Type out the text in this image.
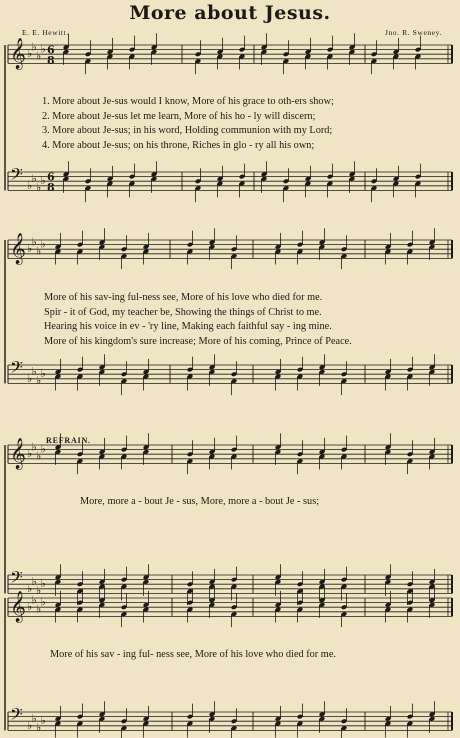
More about Jesus.
E. E. Hewitt.	Jno. R. Sweney.
𝄞 ♭
♭
♭
♭ 6
8
𝄢 ♭
♭
♭
♭ 6
8
𝄞 ♭
♭
♭
♭
𝄢 ♭
♭
♭
♭
𝄞 ♭
♭
♭
♭
𝄢 ♭
♭
♭
♭
𝄞 ♭
♭
♭
♭
𝄢 ♭
♭
♭
♭
1. More about Je-sus would I know, More of his grace to oth-ers show;
2. More about Je-sus let me learn, More of his ho - ly will discern;
3. More about Je-sus; in his word, Holding communion with my Lord;
4. More about Je-sus; on his throne, Riches in glo - ry all his own;
More of his sav-ing ful-ness see, More of his love who died for me.
Spir - it of God, my teacher be, Showing the things of Christ to me.
Hearing his voice in ev - 'ry line, Making each faithful say - ing mine.
More of his kingdom's sure increase; More of his coming, Prince of Peace.
REFRAIN.
More, more a - bout Je - sus, More, more a - bout Je - sus;
More of his sav - ing ful- ness see, More of his love who died for me.
